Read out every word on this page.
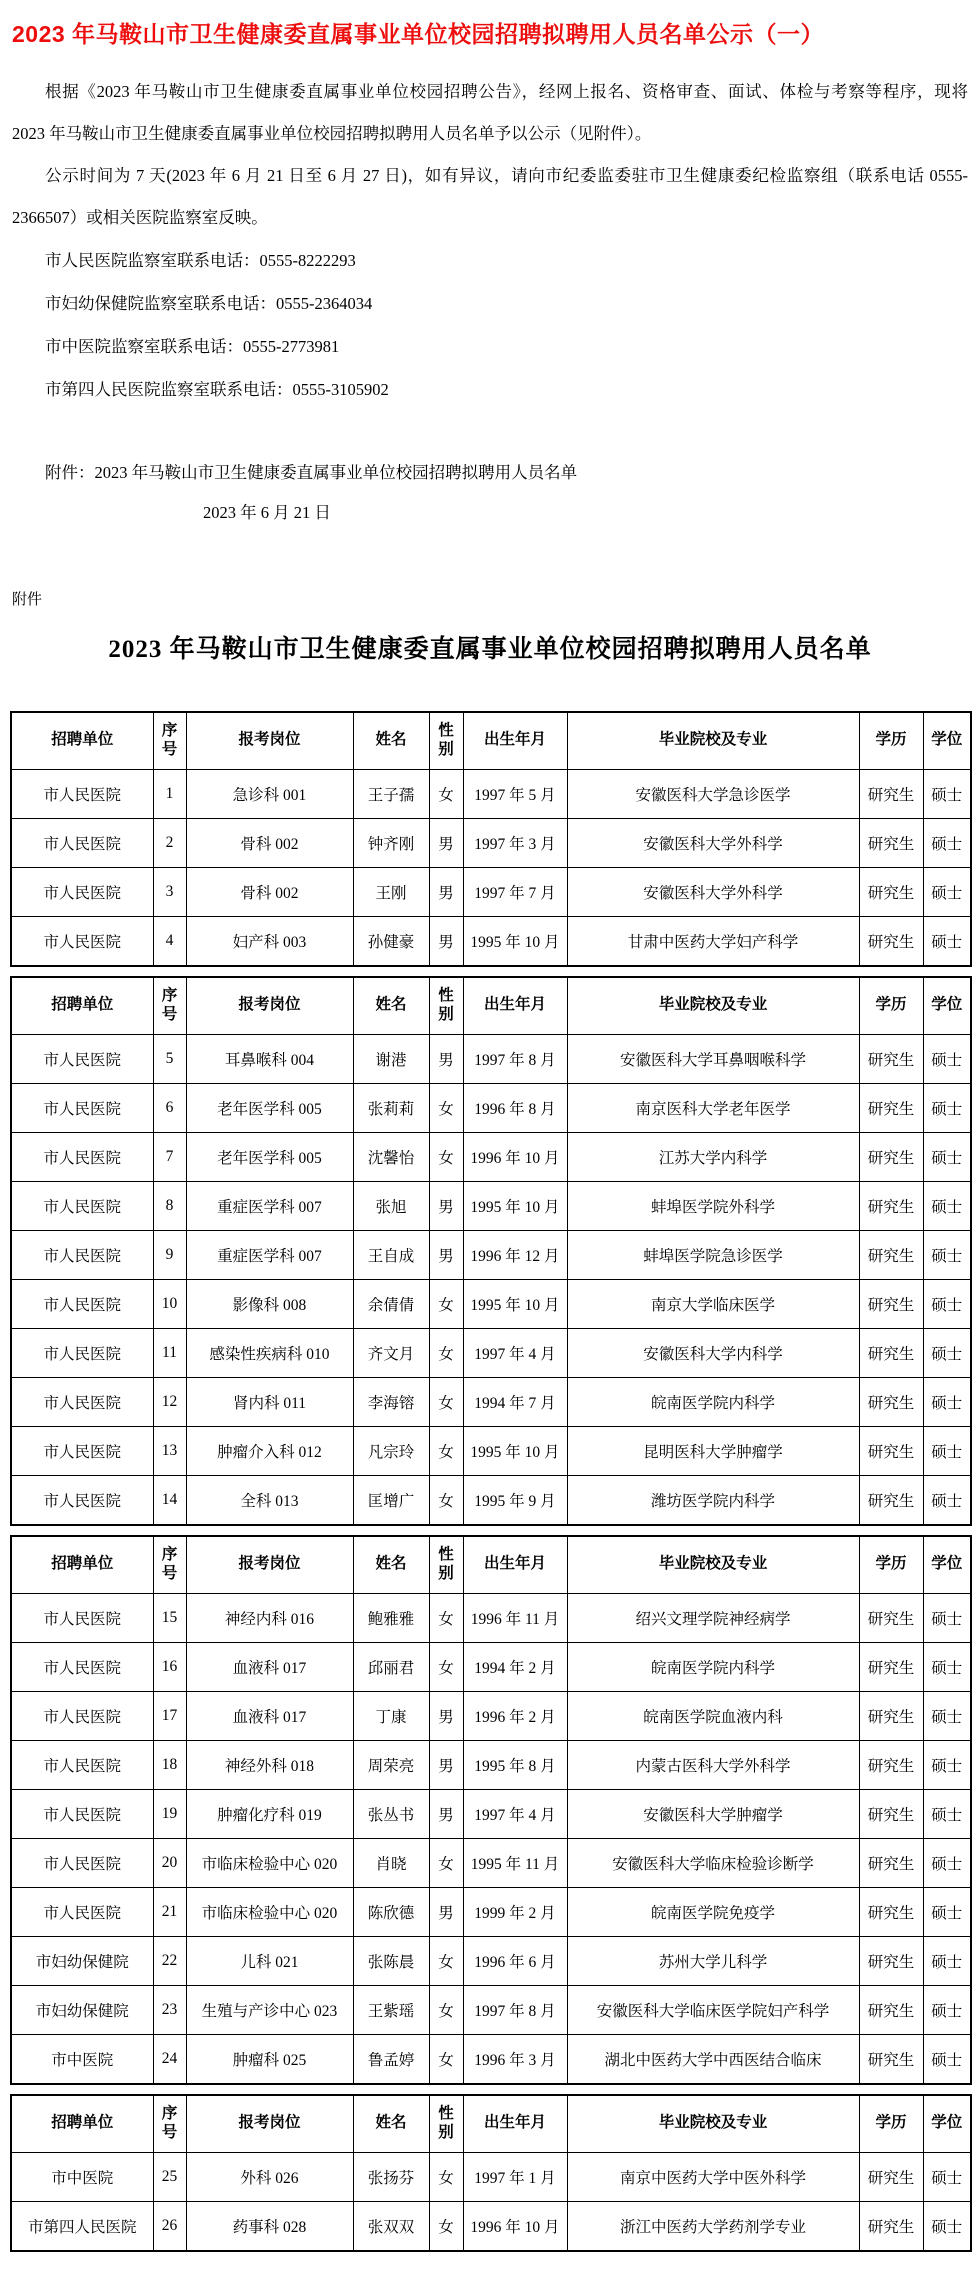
2023 年马鞍山市卫生健康委直属事业单位校园招聘拟聘用人员名单公示（一）

根据《2023 年马鞍山市卫生健康委直属事业单位校园招聘公告》，经网上报名、资格审查、面试、体检与考察等程序，现将 2023 年马鞍山市卫生健康委直属事业单位校园招聘拟聘用人员名单予以公示（见附件）。

公示时间为 7 天(2023 年 6 月 21 日至 6 月 27 日)，如有异议，请向市纪委监委驻市卫生健康委纪检监察组（联系电话 0555-2366507）或相关医院监察室反映。

市人民医院监察室联系电话：0555-8222293

市妇幼保健院监察室联系电话：0555-2364034

市中医院监察室联系电话：0555-2773981

市第四人民医院监察室联系电话：0555-3105902

附件：2023 年马鞍山市卫生健康委直属事业单位校园招聘拟聘用人员名单

2023 年 6 月 21 日

附件

2023 年马鞍山市卫生健康委直属事业单位校园招聘拟聘用人员名单
招聘单位	序号	报考岗位	姓名	性别	出生年月	毕业院校及专业	学历	学位
市人民医院	1	急诊科 001	王子孺	女	1997 年 5 月	安徽医科大学急诊医学	研究生	硕士
市人民医院	2	骨科 002	钟齐刚	男	1997 年 3 月	安徽医科大学外科学	研究生	硕士
市人民医院	3	骨科 002	王刚	男	1997 年 7 月	安徽医科大学外科学	研究生	硕士
市人民医院	4	妇产科 003	孙健豪	男	1995 年 10 月	甘肃中医药大学妇产科学	研究生	硕士
招聘单位	序号	报考岗位	姓名	性别	出生年月	毕业院校及专业	学历	学位
市人民医院	5	耳鼻喉科 004	谢港	男	1997 年 8 月	安徽医科大学耳鼻咽喉科学	研究生	硕士
市人民医院	6	老年医学科 005	张莉莉	女	1996 年 8 月	南京医科大学老年医学	研究生	硕士
市人民医院	7	老年医学科 005	沈馨怡	女	1996 年 10 月	江苏大学内科学	研究生	硕士
市人民医院	8	重症医学科 007	张旭	男	1995 年 10 月	蚌埠医学院外科学	研究生	硕士
市人民医院	9	重症医学科 007	王自成	男	1996 年 12 月	蚌埠医学院急诊医学	研究生	硕士
市人民医院	10	影像科 008	余倩倩	女	1995 年 10 月	南京大学临床医学	研究生	硕士
市人民医院	11	感染性疾病科 010	齐文月	女	1997 年 4 月	安徽医科大学内科学	研究生	硕士
市人民医院	12	肾内科 011	李海镕	女	1994 年 7 月	皖南医学院内科学	研究生	硕士
市人民医院	13	肿瘤介入科 012	凡宗玲	女	1995 年 10 月	昆明医科大学肿瘤学	研究生	硕士
市人民医院	14	全科 013	匡增广	女	1995 年 9 月	潍坊医学院内科学	研究生	硕士
招聘单位	序号	报考岗位	姓名	性别	出生年月	毕业院校及专业	学历	学位
市人民医院	15	神经内科 016	鲍雅雅	女	1996 年 11 月	绍兴文理学院神经病学	研究生	硕士
市人民医院	16	血液科 017	邱丽君	女	1994 年 2 月	皖南医学院内科学	研究生	硕士
市人民医院	17	血液科 017	丁康	男	1996 年 2 月	皖南医学院血液内科	研究生	硕士
市人民医院	18	神经外科 018	周荣亮	男	1995 年 8 月	内蒙古医科大学外科学	研究生	硕士
市人民医院	19	肿瘤化疗科 019	张丛书	男	1997 年 4 月	安徽医科大学肿瘤学	研究生	硕士
市人民医院	20	市临床检验中心 020	肖晓	女	1995 年 11 月	安徽医科大学临床检验诊断学	研究生	硕士
市人民医院	21	市临床检验中心 020	陈欣德	男	1999 年 2 月	皖南医学院免疫学	研究生	硕士
市妇幼保健院	22	儿科 021	张陈晨	女	1996 年 6 月	苏州大学儿科学	研究生	硕士
市妇幼保健院	23	生殖与产诊中心 023	王紫瑶	女	1997 年 8 月	安徽医科大学临床医学院妇产科学	研究生	硕士
市中医院	24	肿瘤科 025	鲁孟婷	女	1996 年 3 月	湖北中医药大学中西医结合临床	研究生	硕士
招聘单位	序号	报考岗位	姓名	性别	出生年月	毕业院校及专业	学历	学位
市中医院	25	外科 026	张扬芬	女	1997 年 1 月	南京中医药大学中医外科学	研究生	硕士
市第四人民医院	26	药事科 028	张双双	女	1996 年 10 月	浙江中医药大学药剂学专业	研究生	硕士
